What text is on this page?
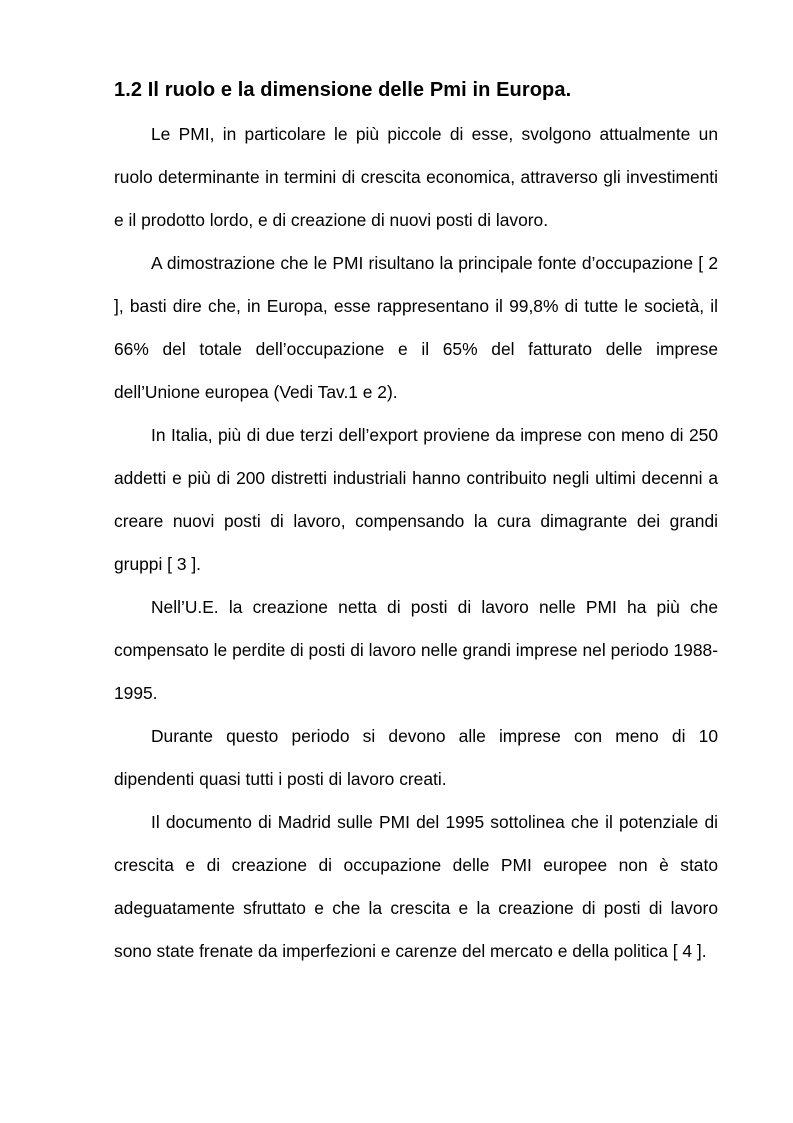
1.2 Il ruolo e la dimensione delle Pmi in Europa.

Le PMI, in particolare le più piccole di esse, svolgono attualmente un ruolo determinante in termini di crescita economica, attraverso gli investimenti e il prodotto lordo, e di creazione di nuovi posti di lavoro.

A dimostrazione che le PMI risultano la principale fonte d’occupazione [ 2 ], basti dire che, in Europa, esse rappresentano il 99,8% di tutte le società, il 66% del totale dell’occupazione e il 65% del fatturato delle imprese dell’Unione europea (Vedi Tav.1 e 2).

In Italia, più di due terzi dell’export proviene da imprese con meno di 250 addetti e più di 200 distretti industriali hanno contribuito negli ultimi decenni a creare nuovi posti di lavoro, compensando la cura dimagrante dei grandi gruppi [ 3 ].

Nell’U.E. la creazione netta di posti di lavoro nelle PMI ha più che compensato le perdite di posti di lavoro nelle grandi imprese nel periodo 1988-1995.

Durante questo periodo si devono alle imprese con meno di 10 dipendenti quasi tutti i posti di lavoro creati.

Il documento di Madrid sulle PMI del 1995 sottolinea che il potenziale di crescita e di creazione di occupazione delle PMI europee non è stato adeguatamente sfruttato e che la crescita e la creazione di posti di lavoro sono state frenate da imperfezioni e carenze del mercato e della politica [ 4 ].
